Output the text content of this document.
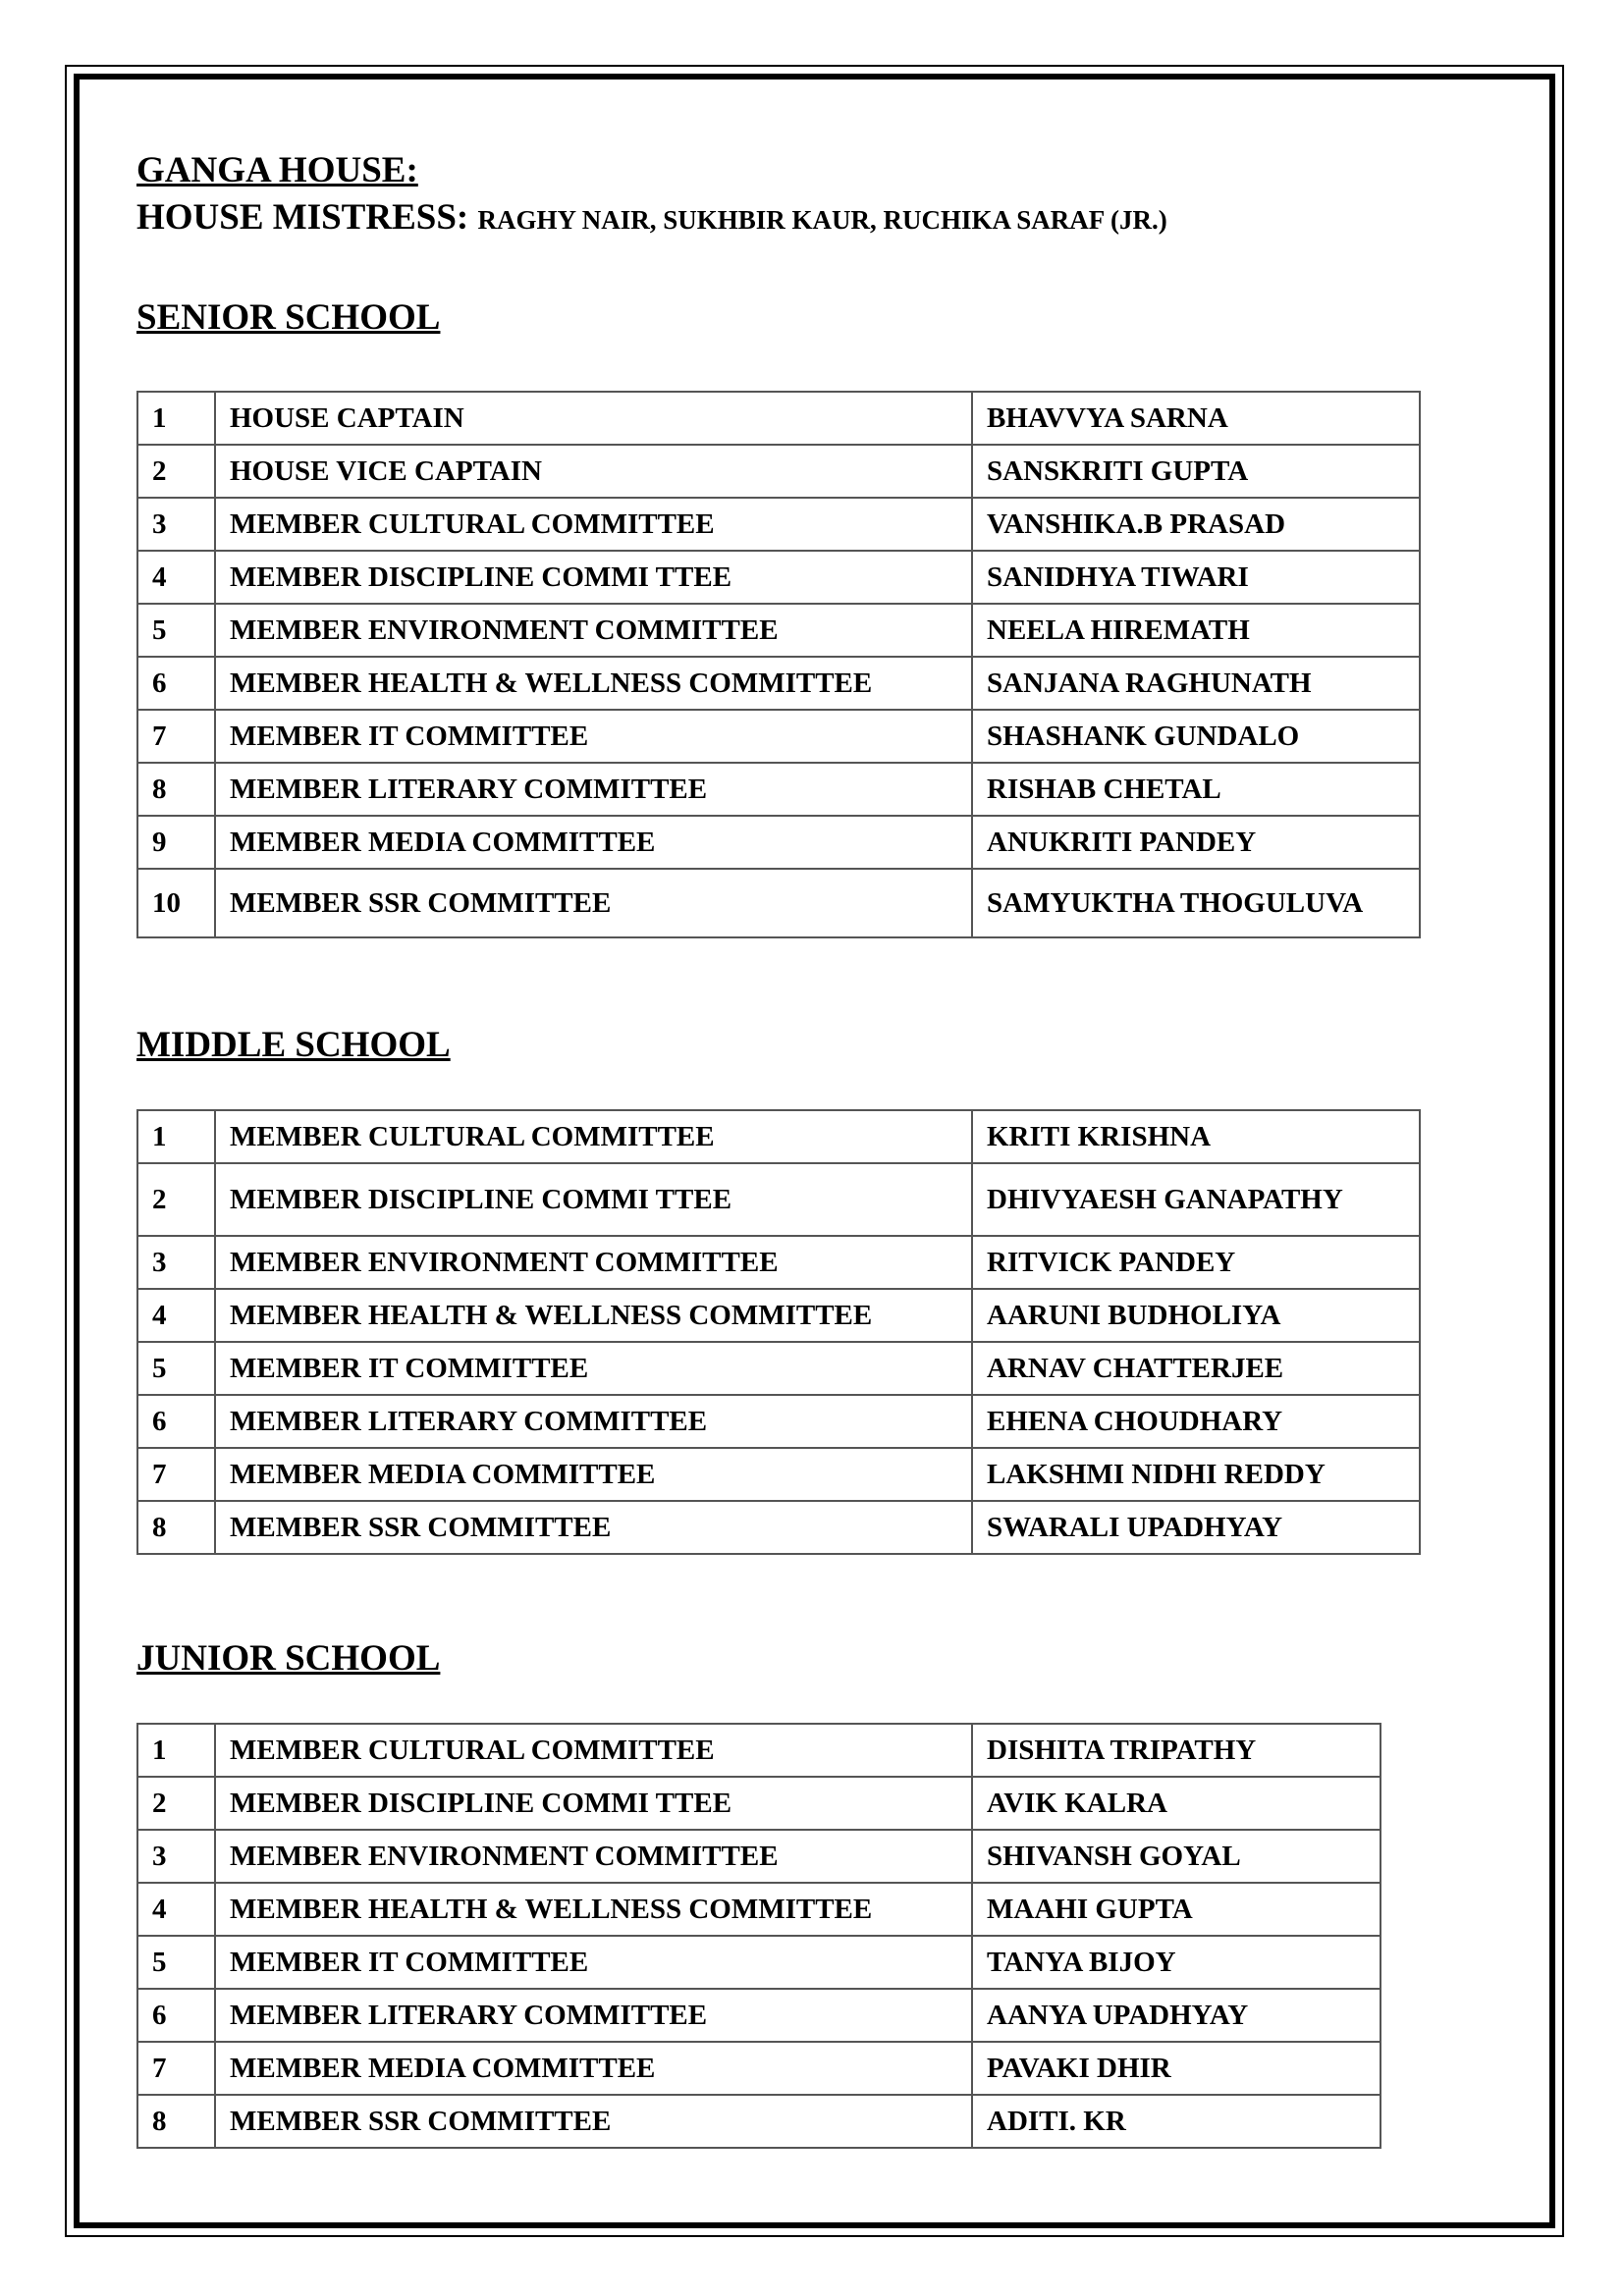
GANGA HOUSE:

HOUSE MISTRESS: RAGHY NAIR, SUKHBIR KAUR, RUCHIKA SARAF (JR.)

SENIOR SCHOOL

1	HOUSE CAPTAIN	BHAVVYA SARNA
2	HOUSE VICE CAPTAIN	SANSKRITI GUPTA
3	MEMBER CULTURAL COMMITTEE	VANSHIKA.B PRASAD
4	MEMBER DISCIPLINE COMMI TTEE	SANIDHYA TIWARI
5	MEMBER ENVIRONMENT COMMITTEE	NEELA HIREMATH
6	MEMBER HEALTH & WELLNESS COMMITTEE	SANJANA RAGHUNATH
7	MEMBER IT COMMITTEE	SHASHANK GUNDALO
8	MEMBER LITERARY COMMITTEE	RISHAB CHETAL
9	MEMBER MEDIA COMMITTEE	ANUKRITI PANDEY
10	MEMBER SSR COMMITTEE	SAMYUKTHA THOGULUVA

MIDDLE SCHOOL

1	MEMBER CULTURAL COMMITTEE	KRITI KRISHNA
2	MEMBER DISCIPLINE COMMI TTEE	DHIVYAESH GANAPATHY
3	MEMBER ENVIRONMENT COMMITTEE	RITVICK PANDEY
4	MEMBER HEALTH & WELLNESS COMMITTEE	AARUNI BUDHOLIYA
5	MEMBER IT COMMITTEE	ARNAV CHATTERJEE
6	MEMBER LITERARY COMMITTEE	EHENA CHOUDHARY
7	MEMBER MEDIA COMMITTEE	LAKSHMI NIDHI REDDY
8	MEMBER SSR COMMITTEE	SWARALI UPADHYAY

JUNIOR SCHOOL

1	MEMBER CULTURAL COMMITTEE	DISHITA TRIPATHY
2	MEMBER DISCIPLINE COMMI TTEE	AVIK KALRA
3	MEMBER ENVIRONMENT COMMITTEE	SHIVANSH GOYAL
4	MEMBER HEALTH & WELLNESS COMMITTEE	MAAHI GUPTA
5	MEMBER IT COMMITTEE	TANYA BIJOY
6	MEMBER LITERARY COMMITTEE	AANYA UPADHYAY
7	MEMBER MEDIA COMMITTEE	PAVAKI DHIR
8	MEMBER SSR COMMITTEE	ADITI. KR
